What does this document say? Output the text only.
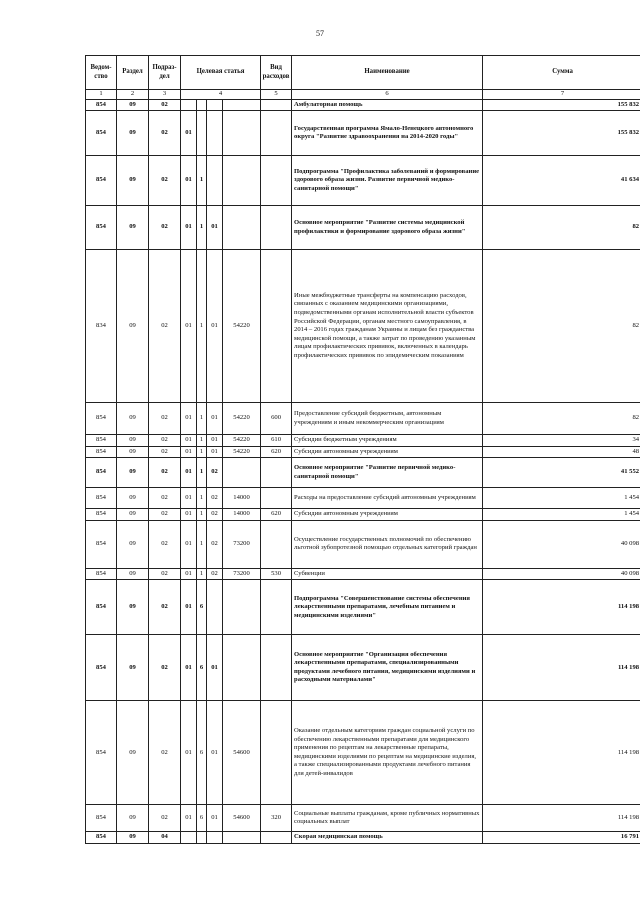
57
Ведом-ство	Раздел	Подраз-дел	Целевая статья				Вид расходов	Наименование	Сумма
1	2	3	4				5	6	7
854	09	02						Амбулаторная помощь	155 832
854	09	02	01					Государственная программа Ямало-Ненецкого автономного округа "Развитие здравоохранения на 2014-2020 годы"	155 832
854	09	02	01	1				Подпрограмма "Профилактика заболеваний и формирование здорового образа жизни. Развитие первичной медико-санитарной помощи"	41 634
854	09	02	01	1	01			Основное мероприятие "Развитие системы медицинской профилактики и формирование здорового образа жизни"	82
834	09	02	01	1	01	54220		Иные межбюджетные трансферты на компенсацию расходов, связанных с оказанием медицинскими организациями, подведомственными органам исполнительной власти субъектов Российской Федерации, органам местного самоуправления, в 2014 – 2016 годах гражданам Украины и лицам без гражданства медицинской помощи, а также затрат по проведению указанным лицам профилактических прививок, включенных в календарь профилактических прививок по эпидемическим показаниям	82
854	09	02	01	1	01	54220	600	Предоставление субсидий бюджетным, автономным учреждениям и иным некоммерческим организациям	82
854	09	02	01	1	01	54220	610	Субсидии бюджетным учреждениям	34
854	09	02	01	1	01	54220	620	Субсидии автономным учреждениям	48
854	09	02	01	1	02			Основное мероприятие "Развитие первичной медико-санитарной помощи"	41 552
854	09	02	01	1	02	14000		Расходы на предоставление субсидий автономным учреждениям	1 454
854	09	02	01	1	02	14000	620	Субсидии автономным учреждениям	1 454
854	09	02	01	1	02	73200		Осуществление государственных полномочий по обеспечению льготной зубопротезной помощью отдельных категорий граждан	40 098
854	09	02	01	1	02	73200	530	Субвенции	40 098
854	09	02	01	6				Подпрограмма "Совершенствование системы обеспечения лекарственными препаратами, лечебным питанием и медицинскими изделиями"	114 198
854	09	02	01	6	01			Основное мероприятие "Организация обеспечения лекарственными препаратами, специализированными продуктами лечебного питания, медицинскими изделиями и расходными материалами"	114 198
854	09	02	01	6	01	54600		Оказание отдельным категориям граждан социальной услуги по обеспечению лекарственными препаратами для медицинского применения по рецептам на лекарственные препараты, медицинскими изделиями по рецептам на медицинские изделия, а также специализированными продуктами лечебного питания для детей-инвалидов	114 198
854	09	02	01	6	01	54600	320	Социальные выплаты гражданам, кроме публичных нормативных социальных выплат	114 198
854	09	04						Скорая медицинская помощь	16 791
